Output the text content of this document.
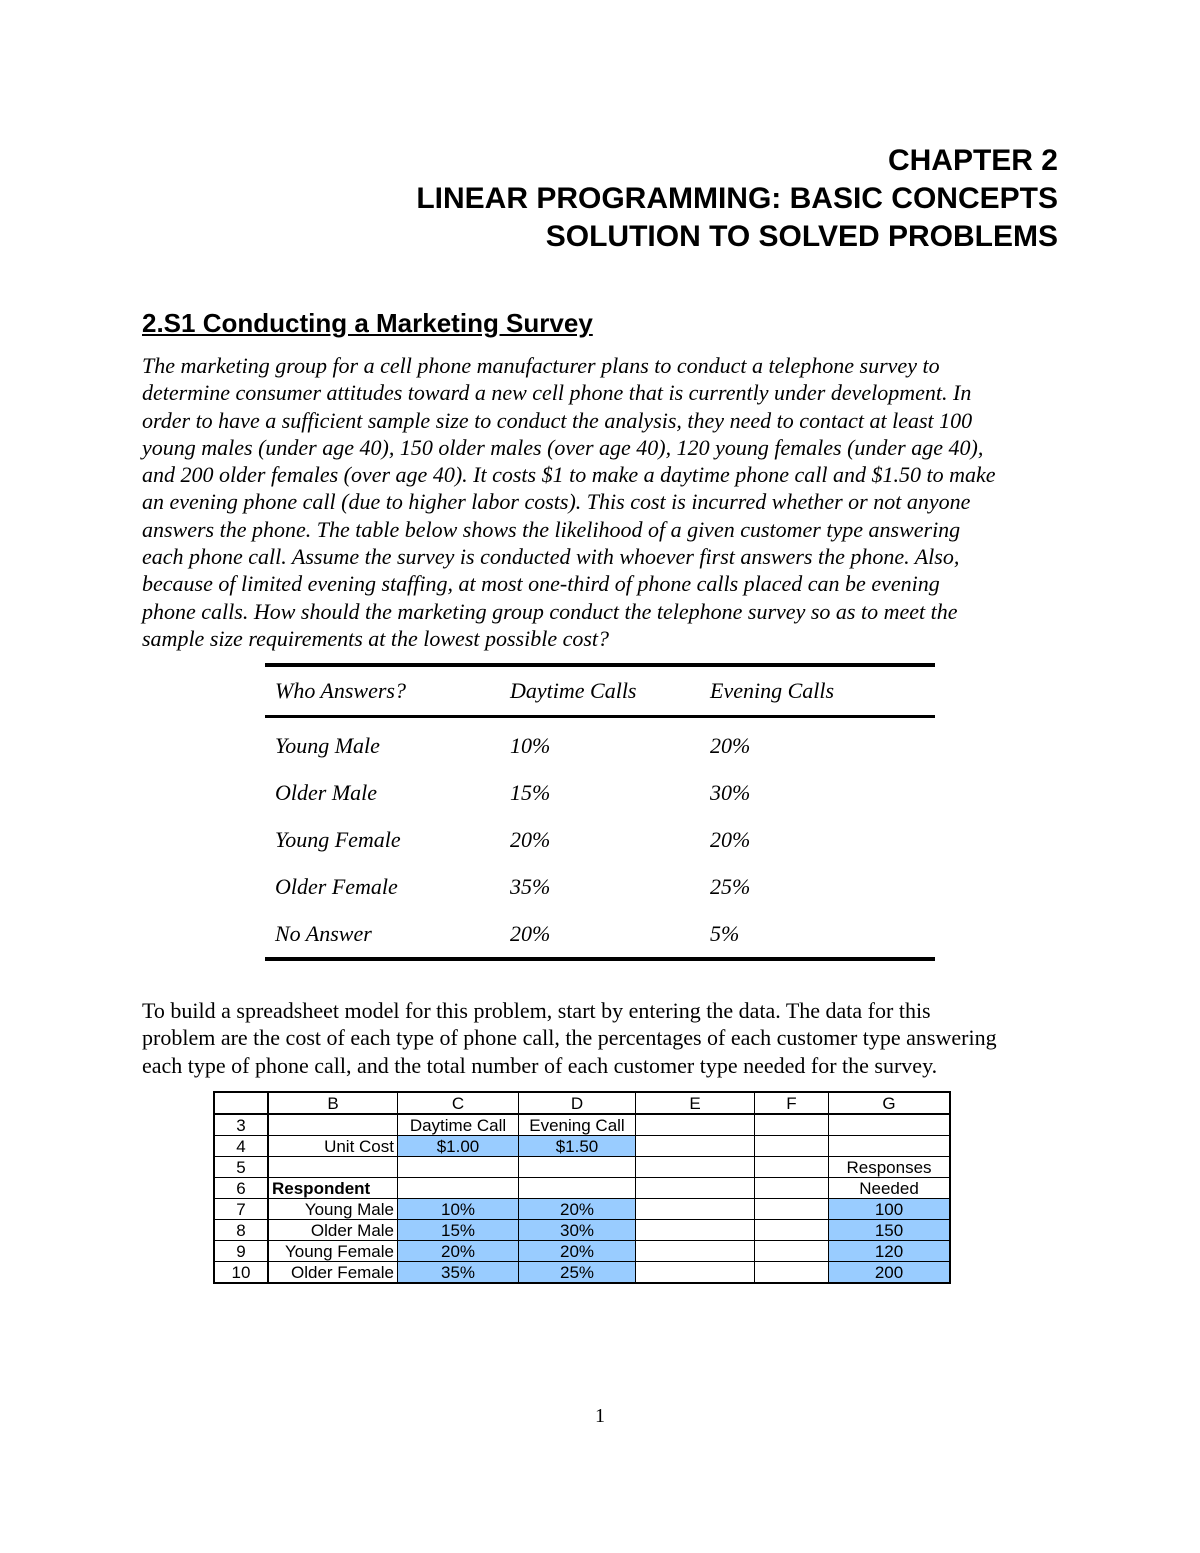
CHAPTER 2
LINEAR PROGRAMMING: BASIC CONCEPTS
SOLUTION TO SOLVED PROBLEMS
2.S1 Conducting a Marketing Survey
The marketing group for a cell phone manufacturer plans to conduct a telephone survey to
determine consumer attitudes toward a new cell phone that is currently under development. In
order to have a sufficient sample size to conduct the analysis, they need to contact at least 100
young males (under age 40), 150 older males (over age 40), 120 young females (under age 40),
and 200 older females (over age 40). It costs $1 to make a daytime phone call and $1.50 to make
an evening phone call (due to higher labor costs). This cost is incurred whether or not anyone
answers the phone. The table below shows the likelihood of a given customer type answering
each phone call. Assume the survey is conducted with whoever first answers the phone. Also,
because of limited evening staffing, at most one-third of phone calls placed can be evening
phone calls. How should the marketing group conduct the telephone survey so as to meet the
sample size requirements at the lowest possible cost?
Who Answers?	Daytime Calls	Evening Calls
Young Male	10%	20%
Older Male	15%	30%
Young Female	20%	20%
Older Female	35%	25%
No Answer	20%	5%
To build a spreadsheet model for this problem, start by entering the data. The data for this
problem are the cost of each type of phone call, the percentages of each customer type answering
each type of phone call, and the total number of each customer type needed for the survey.
	B	C	D	E	F	G
3		Daytime Call	Evening Call			
4	Unit Cost	$1.00	$1.50			
5						Responses
6	Respondent					Needed
7	Young Male	10%	20%			100
8	Older Male	15%	30%			150
9	Young Female	20%	20%			120
10	Older Female	35%	25%			200
1
